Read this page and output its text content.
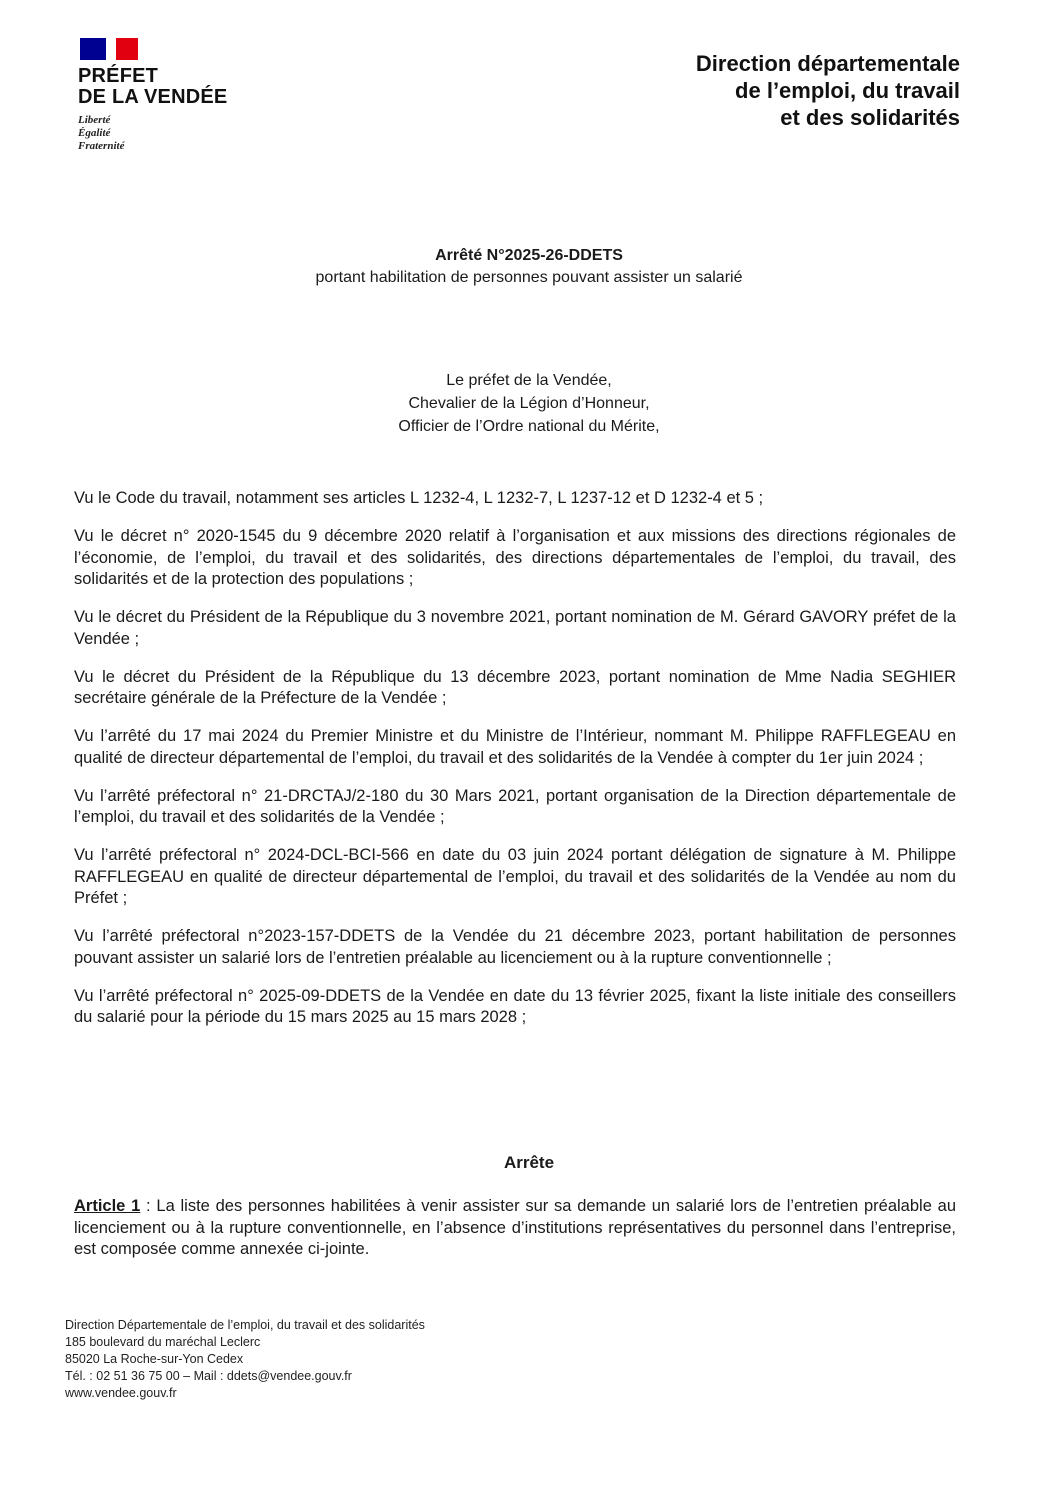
PRÉFET
DE LA VENDÉE
Liberté
Égalité
Fraternité
Direction départementale
de l’emploi, du travail
et des solidarités
Arrêté N°2025-26-DDETS
portant habilitation de personnes pouvant assister un salarié
Le préfet de la Vendée,
Chevalier de la Légion d’Honneur,
Officier de l’Ordre national du Mérite,

Vu le Code du travail, notamment ses articles L 1232-4, L 1232-7, L 1237-12 et D 1232-4 et 5 ;

Vu le décret n° 2020-1545 du 9 décembre 2020 relatif à l’organisation et aux missions des directions régionales de l’économie, de l’emploi, du travail et des solidarités, des directions départementales de l’emploi, du travail, des solidarités et de la protection des populations ;

Vu le décret du Président de la République du 3 novembre 2021, portant nomination de M. Gérard GAVORY préfet de la Vendée ;

Vu le décret du Président de la République du 13 décembre 2023, portant nomination de Mme Nadia SEGHIER secrétaire générale de la Préfecture de la Vendée ;

Vu l’arrêté du 17 mai 2024 du Premier Ministre et du Ministre de l’Intérieur, nommant M. Philippe RAFFLEGEAU en qualité de directeur départemental de l’emploi, du travail et des solidarités de la Vendée à compter du 1er juin 2024 ;

Vu l’arrêté préfectoral n° 21-DRCTAJ/2-180 du 30 Mars 2021, portant organisation de la Direction départementale de l’emploi, du travail et des solidarités de la Vendée ;

Vu l’arrêté préfectoral n° 2024-DCL-BCI-566 en date du 03 juin 2024 portant délégation de signature à M. Philippe RAFFLEGEAU en qualité de directeur départemental de l’emploi, du travail et des solidarités de la Vendée au nom du Préfet ;

Vu l’arrêté préfectoral n°2023-157-DDETS de la Vendée du 21 décembre 2023, portant habilitation de personnes pouvant assister un salarié lors de l’entretien préalable au licenciement ou à la rupture conventionnelle ;

Vu l’arrêté préfectoral n° 2025-09-DDETS de la Vendée en date du 13 février 2025, fixant la liste initiale des conseillers du salarié pour la période du 15 mars 2025 au 15 mars 2028 ;

Arrête
Article 1 : La liste des personnes habilitées à venir assister sur sa demande un salarié lors de l’entretien préalable au licenciement ou à la rupture conventionnelle, en l’absence d’institutions représentatives du personnel dans l’entreprise, est composée comme annexée ci-jointe.
Direction Départementale de l’emploi, du travail et des solidarités
185 boulevard du maréchal Leclerc
85020 La Roche-sur-Yon Cedex
Tél. : 02 51 36 75 00 – Mail : ddets@vendee.gouv.fr
www.vendee.gouv.fr
